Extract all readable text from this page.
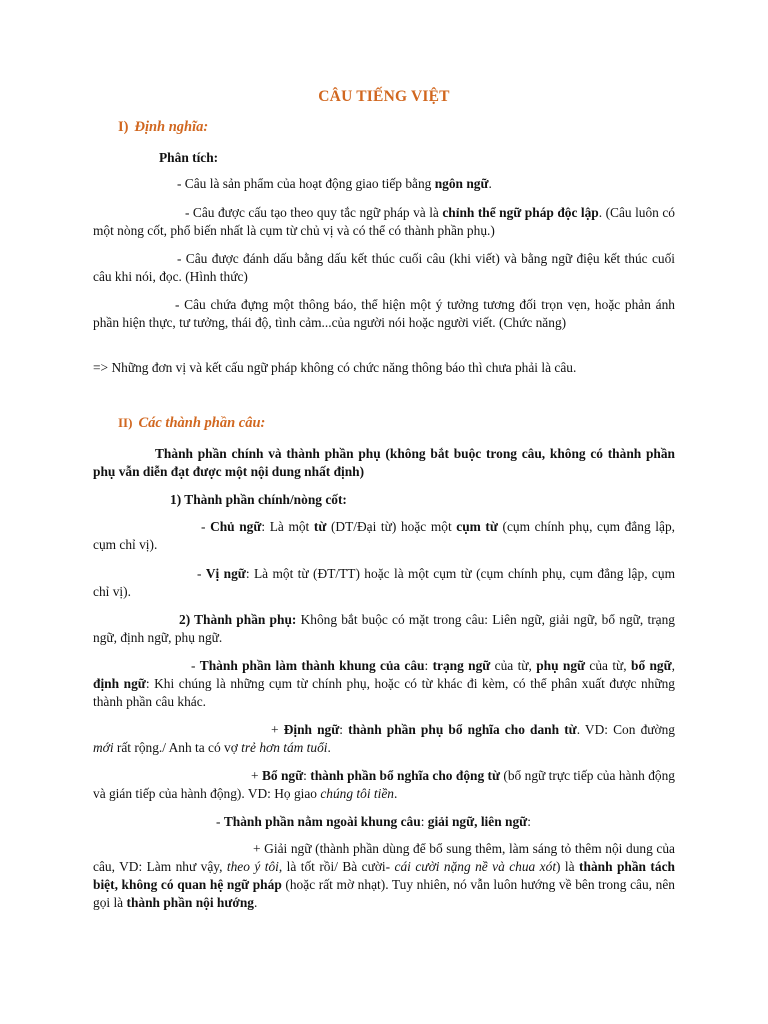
CÂU TIẾNG VIỆT
I) Định nghĩa:
Phân tích:
- Câu là sản phẩm của hoạt động giao tiếp bằng ngôn ngữ.
- Câu được cấu tạo theo quy tắc ngữ pháp và là chỉnh thể ngữ pháp độc lập. (Câu luôn có một nòng cốt, phổ biến nhất là cụm từ chủ vị và có thể có thành phần phụ.)
- Câu được đánh dấu bằng dấu kết thúc cuối câu (khi viết) và bằng ngữ điệu kết thúc cuối câu khi nói, đọc. (Hình thức)
- Câu chứa đựng một thông báo, thể hiện một ý tưởng tương đối trọn vẹn, hoặc phản ánh phần hiện thực, tư tưởng, thái độ, tình cảm...của người nói hoặc người viết. (Chức năng)
=> Những đơn vị và kết cấu ngữ pháp không có chức năng thông báo thì chưa phải là câu.
II) Các thành phần câu:
Thành phần chính và thành phần phụ (không bắt buộc trong câu, không có thành phần phụ vẫn diễn đạt được một nội dung nhất định)
1) Thành phần chính/nòng cốt:
- Chủ ngữ: Là một từ (DT/Đại từ) hoặc một cụm từ (cụm chính phụ, cụm đẳng lập, cụm chỉ vị).
- Vị ngữ: Là một từ (ĐT/TT) hoặc là một cụm từ (cụm chính phụ, cụm đẳng lập, cụm chỉ vị).
2) Thành phần phụ: Không bắt buộc có mặt trong câu: Liên ngữ, giải ngữ, bổ ngữ, trạng ngữ, định ngữ, phụ ngữ.
- Thành phần làm thành khung của câu: trạng ngữ của từ, phụ ngữ của từ, bổ ngữ, định ngữ: Khi chúng là những cụm từ chính phụ, hoặc có từ khác đi kèm, có thể phân xuất được những thành phần câu khác.
+ Định ngữ: thành phần phụ bổ nghĩa cho danh từ. VD: Con đường mới rất rộng./ Anh ta có vợ trẻ hơn tám tuổi.
+ Bổ ngữ: thành phần bổ nghĩa cho động từ (bổ ngữ trực tiếp của hành động và gián tiếp của hành động). VD: Họ giao chúng tôi tiền.
- Thành phần nằm ngoài khung câu: giải ngữ, liên ngữ:
+ Giải ngữ (thành phần dùng để bổ sung thêm, làm sáng tỏ thêm nội dung của câu, VD: Làm như vậy, theo ý tôi, là tốt rồi/ Bà cười- cái cười nặng nề và chua xót) là thành phần tách biệt, không có quan hệ ngữ pháp (hoặc rất mờ nhạt). Tuy nhiên, nó vẫn luôn hướng về bên trong câu, nên gọi là thành phần nội hướng.
